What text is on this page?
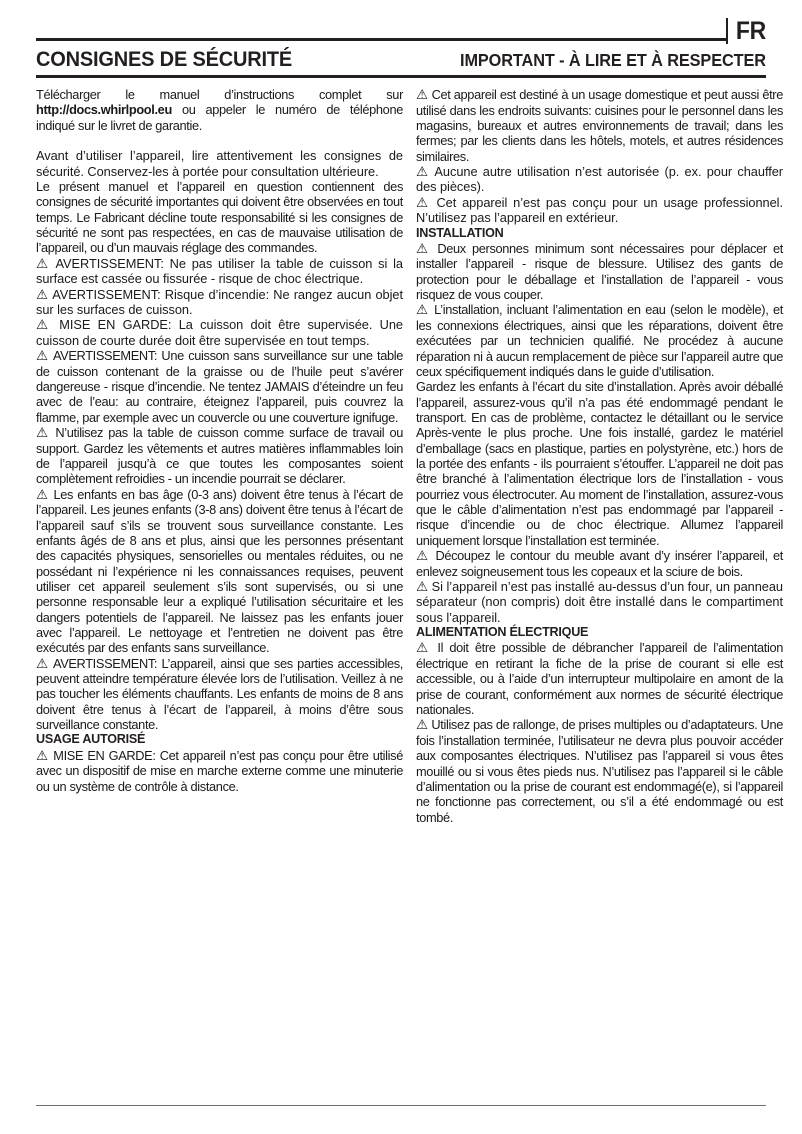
FR
CONSIGNES DE SÉCURITÉ	IMPORTANT - À LIRE ET À RESPECTER

Télécharger le manuel d’instructions complet sur http://docs.whirlpool.eu ou appeler le numéro de téléphone indiqué sur le livret de garantie.

Avant d’utiliser l’appareil, lire attentivement les consignes de sécurité. Conservez-les à portée pour consultation ultérieure.

Le présent manuel et l’appareil en question contiennent des consignes de sécurité importantes qui doivent être observées en tout temps. Le Fabricant décline toute responsabilité si les consignes de sécurité ne sont pas respectées, en cas de mauvaise utilisation de l’appareil, ou d’un mauvais réglage des commandes.

⚠ AVERTISSEMENT: Ne pas utiliser la table de cuisson si la surface est cassée ou fissurée - risque de choc électrique.

⚠ AVERTISSEMENT: Risque d’incendie: Ne rangez aucun objet sur les surfaces de cuisson.

⚠ MISE EN GARDE: La cuisson doit être supervisée. Une cuisson de courte durée doit être supervisée en tout temps.

⚠ AVERTISSEMENT: Une cuisson sans surveillance sur une table de cuisson contenant de la graisse ou de l’huile peut s’avérer dangereuse - risque d’incendie. Ne tentez JAMAIS d’éteindre un feu avec de l’eau: au contraire, éteignez l’appareil, puis couvrez la flamme, par exemple avec un couvercle ou une couverture ignifuge.

⚠ N’utilisez pas la table de cuisson comme surface de travail ou support. Gardez les vêtements et autres matières inflammables loin de l’appareil jusqu’à ce que toutes les composantes soient complètement refroidies - un incendie pourrait se déclarer.

⚠ Les enfants en bas âge (0-3 ans) doivent être tenus à l’écart de l’appareil. Les jeunes enfants (3-8 ans) doivent être tenus à l’écart de l’appareil sauf s’ils se trouvent sous surveillance constante. Les enfants âgés de 8 ans et plus, ainsi que les personnes présentant des capacités physiques, sensorielles ou mentales réduites, ou ne possédant ni l’expérience ni les connaissances requises, peuvent utiliser cet appareil seulement s’ils sont supervisés, ou si une personne responsable leur a expliqué l’utilisation sécuritaire et les dangers potentiels de l’appareil. Ne laissez pas les enfants jouer avec l’appareil. Le nettoyage et l’entretien ne doivent pas être exécutés par des enfants sans surveillance.

⚠ AVERTISSEMENT: L’appareil, ainsi que ses parties accessibles, peuvent atteindre température élevée lors de l’utilisation. Veillez à ne pas toucher les éléments chauffants. Les enfants de moins de 8 ans doivent être tenus à l’écart de l’appareil, à moins d’être sous surveillance constante.

USAGE AUTORISÉ

⚠ MISE EN GARDE: Cet appareil n’est pas conçu pour être utilisé avec un dispositif de mise en marche externe comme une minuterie ou un système de contrôle à distance.

⚠ Cet appareil est destiné à un usage domestique et peut aussi être utilisé dans les endroits suivants: cuisines pour le personnel dans les magasins, bureaux et autres environnements de travail; dans les fermes; par les clients dans les hôtels, motels, et autres résidences similaires.

⚠ Aucune autre utilisation n’est autorisée (p. ex. pour chauffer des pièces).

⚠ Cet appareil n’est pas conçu pour un usage professionnel. N’utilisez pas l’appareil en extérieur.

INSTALLATION

⚠ Deux personnes minimum sont nécessaires pour déplacer et installer l’appareil - risque de blessure. Utilisez des gants de protection pour le déballage et l’installation de l’appareil - vous risquez de vous couper.

⚠ L’installation, incluant l’alimentation en eau (selon le modèle), et les connexions électriques, ainsi que les réparations, doivent être exécutées par un technicien qualifié. Ne procédez à aucune réparation ni à aucun remplacement de pièce sur l’appareil autre que ceux spécifiquement indiqués dans le guide d’utilisation.

Gardez les enfants à l’écart du site d’installation. Après avoir déballé l’appareil, assurez-vous qu’il n’a pas été endommagé pendant le transport. En cas de problème, contactez le détaillant ou le service Après-vente le plus proche. Une fois installé, gardez le matériel d’emballage (sacs en plastique, parties en polystyrène, etc.) hors de la portée des enfants - ils pourraient s’étouffer. L’appareil ne doit pas être branché à l’alimentation électrique lors de l’installation - vous pourriez vous électrocuter. Au moment de l’installation, assurez-vous que le câble d’alimentation n’est pas endommagé par l’appareil - risque d’incendie ou de choc électrique. Allumez l’appareil uniquement lorsque l’installation est terminée.

⚠ Découpez le contour du meuble avant d’y insérer l’appareil, et enlevez soigneusement tous les copeaux et la sciure de bois.

⚠ Si l’appareil n’est pas installé au-dessus d’un four, un panneau séparateur (non compris) doit être installé dans le compartiment sous l’appareil.

ALIMENTATION ÉLECTRIQUE

⚠ Il doit être possible de débrancher l’appareil de l’alimentation électrique en retirant la fiche de la prise de courant si elle est accessible, ou à l’aide d’un interrupteur multipolaire en amont de la prise de courant, conformément aux normes de sécurité électrique nationales.

⚠ Utilisez pas de rallonge, de prises multiples ou d’adaptateurs. Une fois l’installation terminée, l’utilisateur ne devra plus pouvoir accéder aux composantes électriques. N’utilisez pas l’appareil si vous êtes mouillé ou si vous êtes pieds nus. N’utilisez pas l’appareil si le câble d’alimentation ou la prise de courant est endommagé(e), si l’appareil ne fonctionne pas correctement, ou s’il a été endommagé ou est tombé.
